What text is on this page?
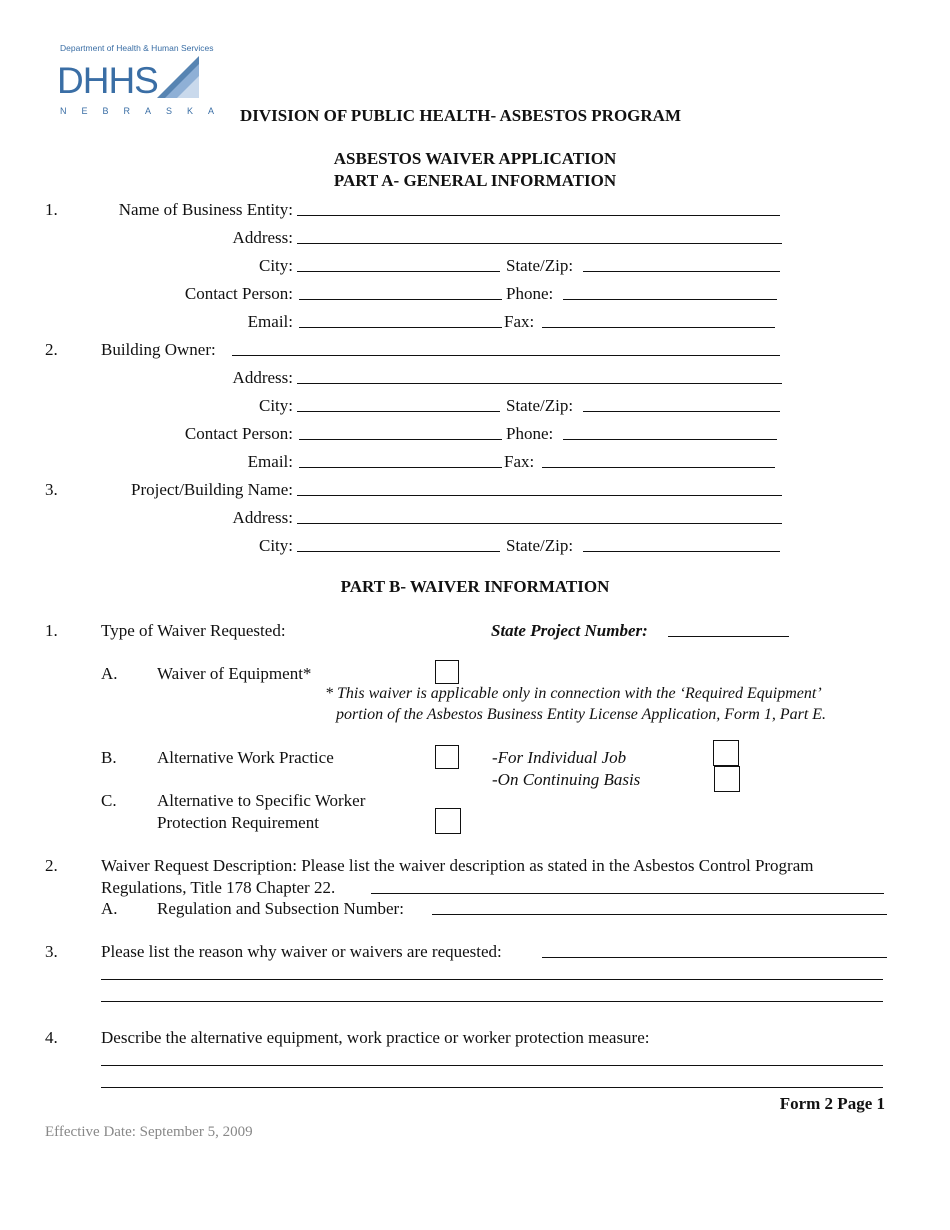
Department of Health & Human Services
DHHS
NEBRASKA DIVISION OF PUBLIC HEALTH- ASBESTOS PROGRAM
ASBESTOS WAIVER APPLICATION
PART A- GENERAL INFORMATION
1.	Name of Business Entity:
Address:
City:	State/Zip:
Contact Person:	Phone:
Email:	Fax:
2.	Building Owner:
Address:
City:	State/Zip:
Contact Person:	Phone:
Email:	Fax:
3.	Project/Building Name:
Address:
City:	State/Zip:
PART B- WAIVER INFORMATION
1.	Type of Waiver Requested:	State Project Number:
A. Waiver of Equipment*
* This waiver is applicable only in connection with the ‘Required Equipment’
portion of the Asbestos Business Entity License Application, Form 1, Part E.
B. Alternative Work Practice	-For Individual Job
-On Continuing Basis
C. Alternative to Specific Worker
Protection Requirement
2.	Waiver Request Description: Please list the waiver description as stated in the Asbestos Control Program
Regulations, Title 178 Chapter 22.
A. Regulation and Subsection Number:
3.	Please list the reason why waiver or waivers are requested:
4.	Describe the alternative equipment, work practice or worker protection measure:
Form 2 Page 1
Effective Date: September 5, 2009
